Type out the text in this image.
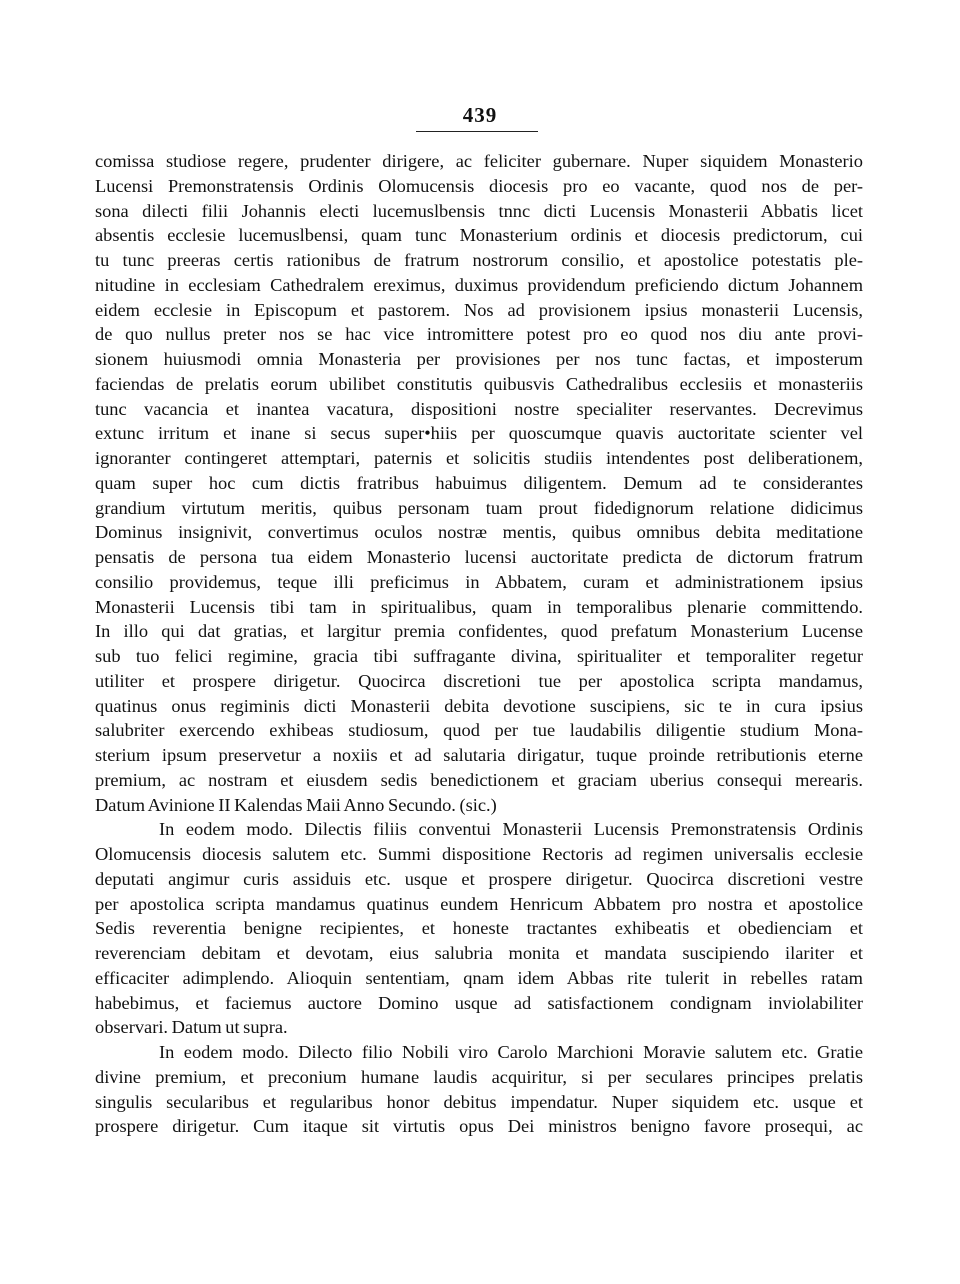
439
comissa studiose regere, prudenter dirigere, ac feliciter gubernare. Nuper siquidem Monasterio
Lucensi Premonstratensis Ordinis Olomucensis diocesis pro eo vacante, quod nos de per-
sona dilecti filii Johannis electi lucemuslbensis tnnc dicti Lucensis Monasterii Abbatis licet
absentis ecclesie lucemuslbensi, quam tunc Monasterium ordinis et diocesis predictorum, cui
tu tunc preeras certis rationibus de fratrum nostrorum consilio, et apostolice potestatis ple-
nitudine in ecclesiam Cathedralem ereximus, duximus providendum preficiendo dictum Johannem
eidem ecclesie in Episcopum et pastorem. Nos ad provisionem ipsius monasterii Lucensis,
de quo nullus preter nos se hac vice intromittere potest pro eo quod nos diu ante provi-
sionem huiusmodi omnia Monasteria per provisiones per nos tunc factas, et imposterum
faciendas de prelatis eorum ubilibet constitutis quibusvis Cathedralibus ecclesiis et monasteriis
tunc vacancia et inantea vacatura, dispositioni nostre specialiter reservantes. Decrevimus
extunc irritum et inane si secus super•hiis per quoscumque quavis auctoritate scienter vel
ignoranter contingeret attemptari, paternis et solicitis studiis intendentes post deliberationem,
quam super hoc cum dictis fratribus habuimus diligentem. Demum ad te considerantes
grandium virtutum meritis, quibus personam tuam prout fidedignorum relatione didicimus
Dominus insignivit, convertimus oculos nostræ mentis, quibus omnibus debita meditatione
pensatis de persona tua eidem Monasterio lucensi auctoritate predicta de dictorum fratrum
consilio providemus, teque illi preficimus in Abbatem, curam et administrationem ipsius
Monasterii Lucensis tibi tam in spiritualibus, quam in temporalibus plenarie committendo.
In illo qui dat gratias, et largitur premia confidentes, quod prefatum Monasterium Lucense
sub tuo felici regimine, gracia tibi suffragante divina, spiritualiter et temporaliter regetur
utiliter et prospere dirigetur. Quocirca discretioni tue per apostolica scripta mandamus,
quatinus onus regiminis dicti Monasterii debita devotione suscipiens, sic te in cura ipsius
salubriter exercendo exhibeas studiosum, quod per tue laudabilis diligentie studium Mona-
sterium ipsum preservetur a noxiis et ad salutaria dirigatur, tuque proinde retributionis eterne
premium, ac nostram et eiusdem sedis benedictionem et graciam uberius consequi merearis.
Datum Avinione II Kalendas Maii Anno Secundo. (sic.)
In eodem modo. Dilectis filiis conventui Monasterii Lucensis Premonstratensis Ordinis
Olomucensis diocesis salutem etc. Summi dispositione Rectoris ad regimen universalis ecclesie
deputati angimur curis assiduis etc. usque et prospere dirigetur. Quocirca discretioni vestre
per apostolica scripta mandamus quatinus eundem Henricum Abbatem pro nostra et apostolice
Sedis reverentia benigne recipientes, et honeste tractantes exhibeatis et obedienciam et
reverenciam debitam et devotam, eius salubria monita et mandata suscipiendo ilariter et
efficaciter adimplendo. Alioquin sententiam, qnam idem Abbas rite tulerit in rebelles ratam
habebimus, et faciemus auctore Domino usque ad satisfactionem condignam inviolabiliter
observari. Datum ut supra.
In eodem modo. Dilecto filio Nobili viro Carolo Marchioni Moravie salutem etc. Gratie
divine premium, et preconium humane laudis acquiritur, si per seculares principes prelatis
singulis secularibus et regularibus honor debitus impendatur. Nuper siquidem etc. usque et
prospere dirigetur. Cum itaque sit virtutis opus Dei ministros benigno favore prosequi, ac
